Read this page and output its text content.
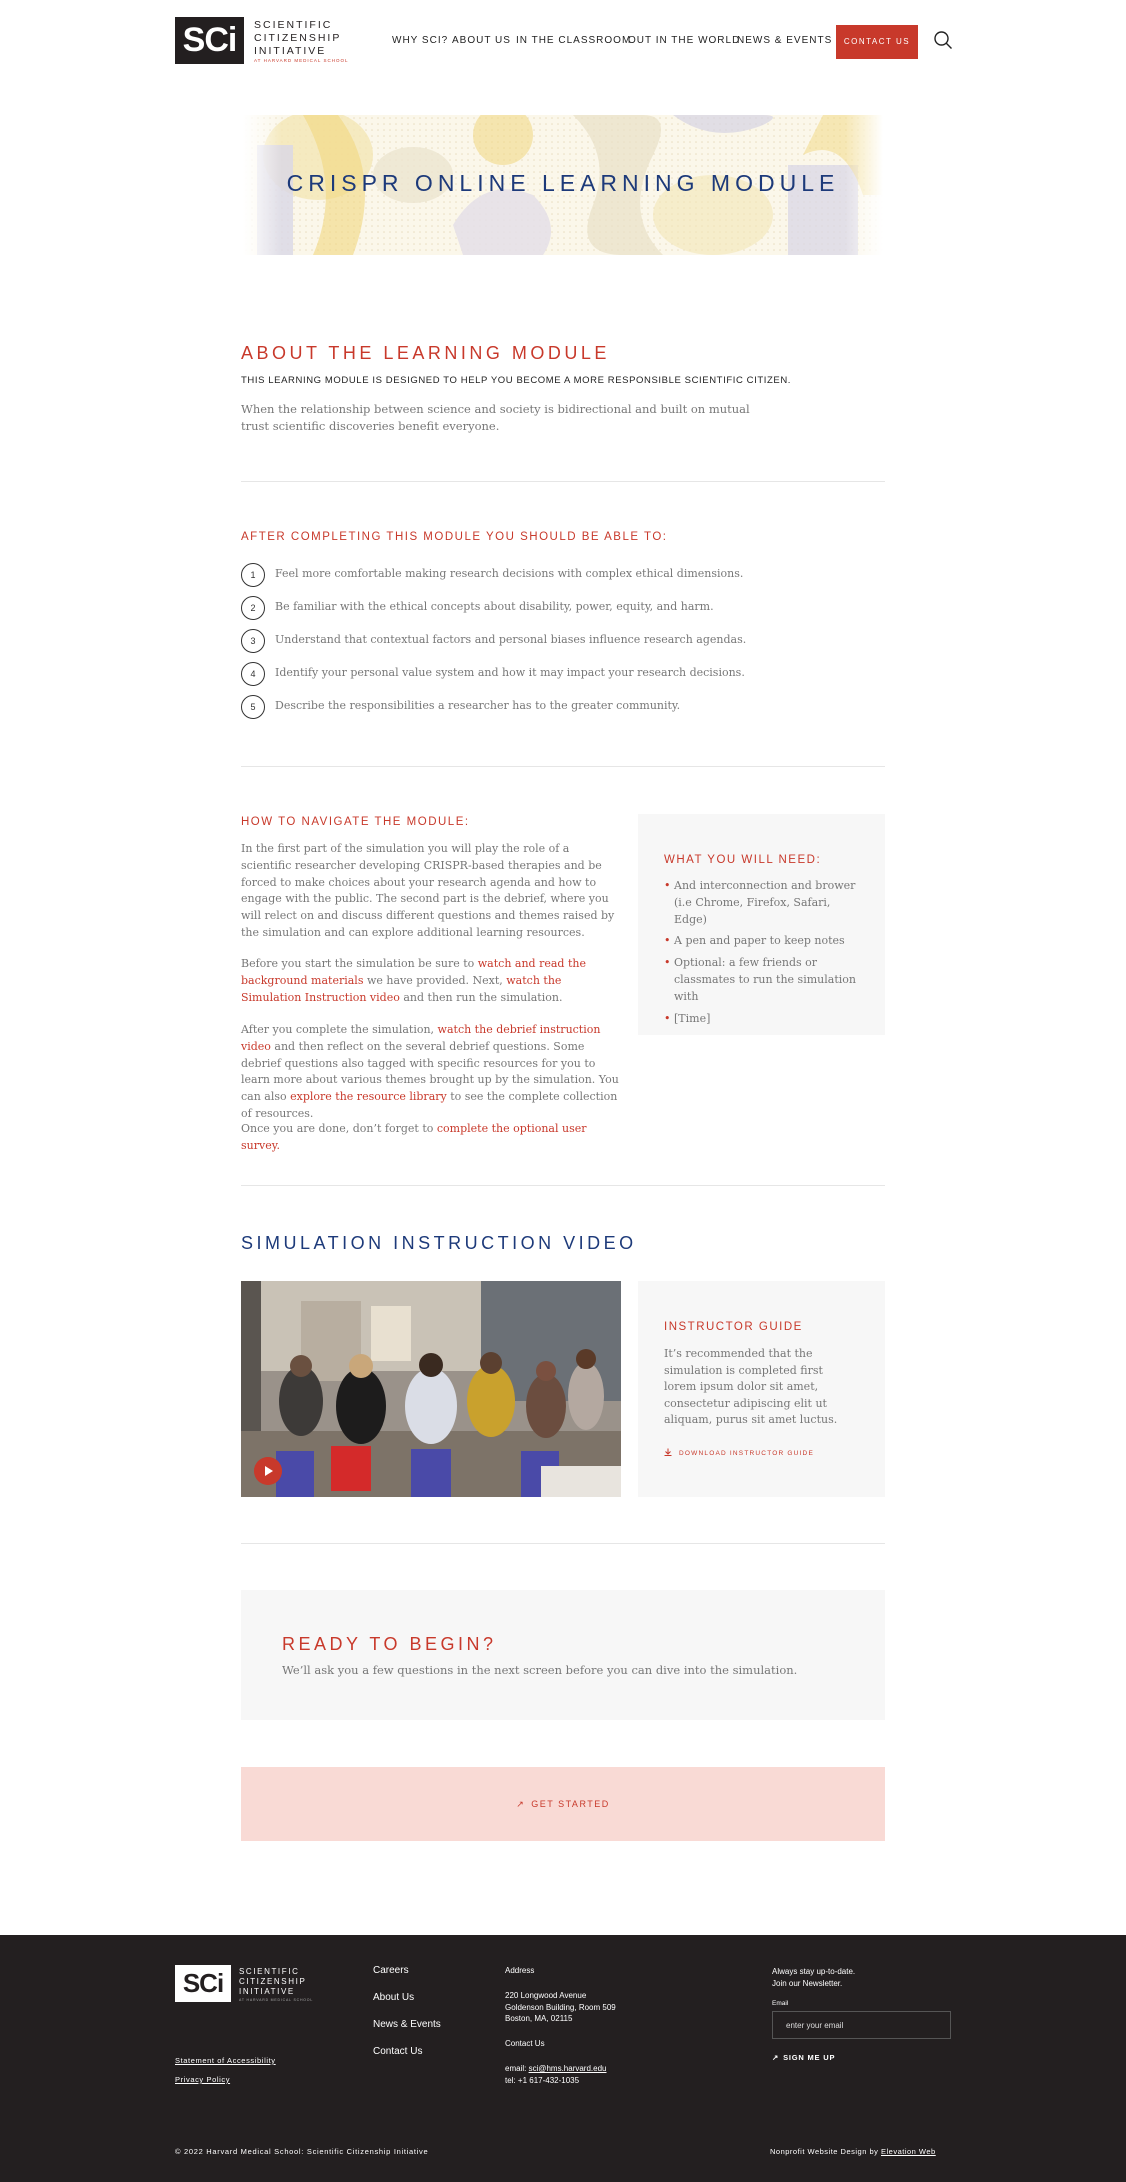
SCi	SCIENTIFIC
CITIZENSHIP
INITIATIVE
AT HARVARD MEDICAL SCHOOL
WHY SCI? ABOUT US IN THE CLASSROOM
OUT IN THE WORLD
NEWS & EVENTS	CONTACT US
CRISPR ONLINE LEARNING MODULE
ABOUT THE LEARNING MODULE
THIS LEARNING MODULE IS DESIGNED TO HELP YOU BECOME A MORE RESPONSIBLE SCIENTIFIC CITIZEN.
When the relationship between science and society is bidirectional and built on mutual
trust scientific discoveries benefit everyone.
AFTER COMPLETING THIS MODULE YOU SHOULD BE ABLE TO:
1	Feel more comfortable making research decisions with complex ethical dimensions.
2	Be familiar with the ethical concepts about disability, power, equity, and harm.
3	Understand that contextual factors and personal biases influence research agendas.
4	Identify your personal value system and how it may impact your research decisions.
5	Describe the responsibilities a researcher has to the greater community.
HOW TO NAVIGATE THE MODULE:
In the first part of the simulation you will play the role of a scientific researcher developing CRISPR-based therapies and be forced to make choices about your research agenda and how to engage with the public. The second part is the debrief, where you will relect on and discuss different questions and themes raised by the simulation and can explore additional learning resources.
Before you start the simulation be sure to watch and read the background materials we have provided. Next, watch the Simulation Instruction video and then run the simulation.
After you complete the simulation, watch the debrief instruction video and then reflect on the several debrief questions. Some debrief questions also tagged with specific resources for you to learn more about various themes brought up by the simulation. You can also explore the resource library to see the complete collection of resources.
Once you are done, don’t forget to complete the optional user survey.
WHAT YOU WILL NEED:
• And interconnection and brower (i.e Chrome, Firefox, Safari, Edge)
• A pen and paper to keep notes
• Optional: a few friends or classmates to run the simulation with
• [Time]
SIMULATION INSTRUCTION VIDEO
INSTRUCTOR GUIDE
It’s recommended that the simulation is completed first lorem ipsum dolor sit amet, consectetur adipiscing elit ut aliquam, purus sit amet luctus.
DOWNLOAD INSTRUCTOR GUIDE
READY TO BEGIN?
We’ll ask you a few questions in the next screen before you can dive into the simulation.
↗ GET STARTED
SCi	SCIENTIFIC
CITIZENSHIP
INITIATIVE
AT HARVARD MEDICAL SCHOOL
Statement of Accessibility
Privacy Policy
Careers
About Us
News & Events
Contact Us
Address
220 Longwood Avenue
Goldenson Building, Room 509
Boston, MA, 02115
Contact Us
email: sci@hms.harvard.edu
tel: +1 617-432-1035
Always stay up-to-date.
Join our Newsletter.
Email
enter your email
↗ SIGN ME UP
© 2022 Harvard Medical School: Scientific Citizenship Initiative	Nonprofit Website Design by Elevation Web
